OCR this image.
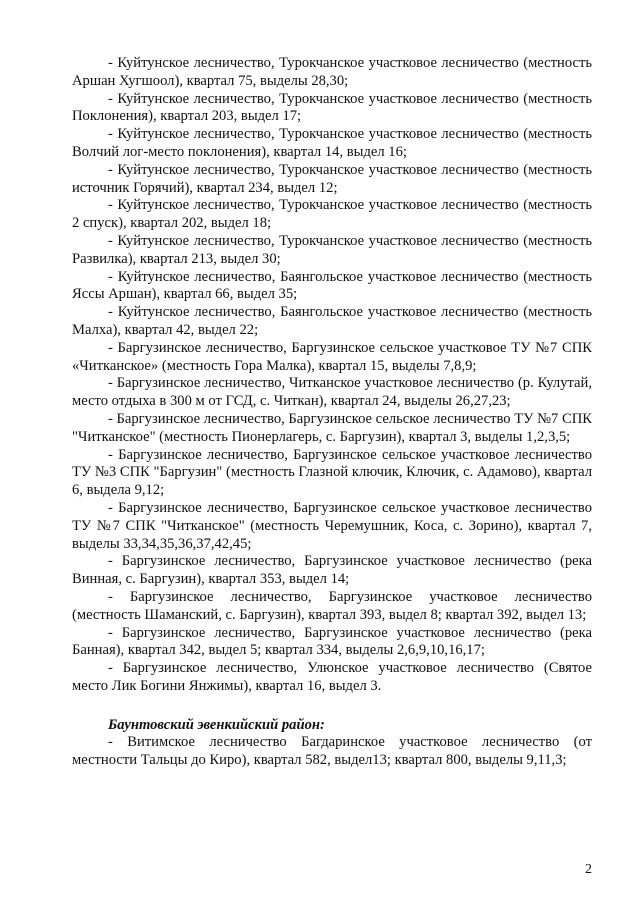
- Куйтунское лесничество, Турокчанское участковое лесничество (местность Аршан Хугшоол), квартал 75, выделы 28,30;

- Куйтунское лесничество, Турокчанское участковое лесничество (местность Поклонения), квартал 203, выдел 17;

- Куйтунское лесничество, Турокчанское участковое лесничество (местность Волчий лог-место поклонения), квартал 14, выдел 16;

- Куйтунское лесничество, Турокчанское участковое лесничество (местность источник Горячий), квартал 234, выдел 12;

- Куйтунское лесничество, Турокчанское участковое лесничество (местность 2 спуск), квартал 202, выдел 18;

- Куйтунское лесничество, Турокчанское участковое лесничество (местность Развилка), квартал 213, выдел 30;

- Куйтунское лесничество, Баянгольское участковое лесничество (местность Яссы Аршан), квартал 66, выдел 35;

- Куйтунское лесничество, Баянгольское участковое лесничество (местность Малха), квартал 42, выдел 22;

- Баргузинское лесничество, Баргузинское сельское участковое ТУ №7 СПК «Читканское» (местность Гора Малка), квартал 15, выделы 7,8,9;

- Баргузинское лесничество, Читканское участковое лесничество (р. Кулутай, место отдыха в 300 м от ГСД, с. Читкан), квартал 24, выделы 26,27,23;

- Баргузинское лесничество, Баргузинское сельское лесничество ТУ №7 СПК "Читканское" (местность Пионерлагерь, с. Баргузин), квартал 3, выделы 1,2,3,5;

- Баргузинское лесничество, Баргузинское сельское участковое лесничество ТУ №3 СПК "Баргузин" (местность Глазной ключик, Ключик, с. Адамово), квартал 6, выдела 9,12;

- Баргузинское лесничество, Баргузинское сельское участковое лесничество ТУ №7 СПК "Читканское" (местность Черемушник, Коса, с. Зорино), квартал 7, выделы 33,34,35,36,37,42,45;

- Баргузинское лесничество, Баргузинское участковое лесничество (река Винная, с. Баргузин), квартал 353, выдел 14;

- Баргузинское лесничество, Баргузинское участковое лесничество (местность Шаманский, с. Баргузин), квартал 393, выдел 8; квартал 392, выдел 13;

- Баргузинское лесничество, Баргузинское участковое лесничество (река Банная), квартал 342, выдел 5; квартал 334, выделы 2,6,9,10,16,17;

- Баргузинское лесничество, Улюнское участковое лесничество (Святое место Лик Богини Янжимы), квартал 16, выдел 3.

Баунтовский эвенкийский район:

- Витимское лесничество Багдаринское участковое лесничество (от местности Тальцы до Киро), квартал 582, выдел13; квартал 800, выделы 9,11,3;

2
